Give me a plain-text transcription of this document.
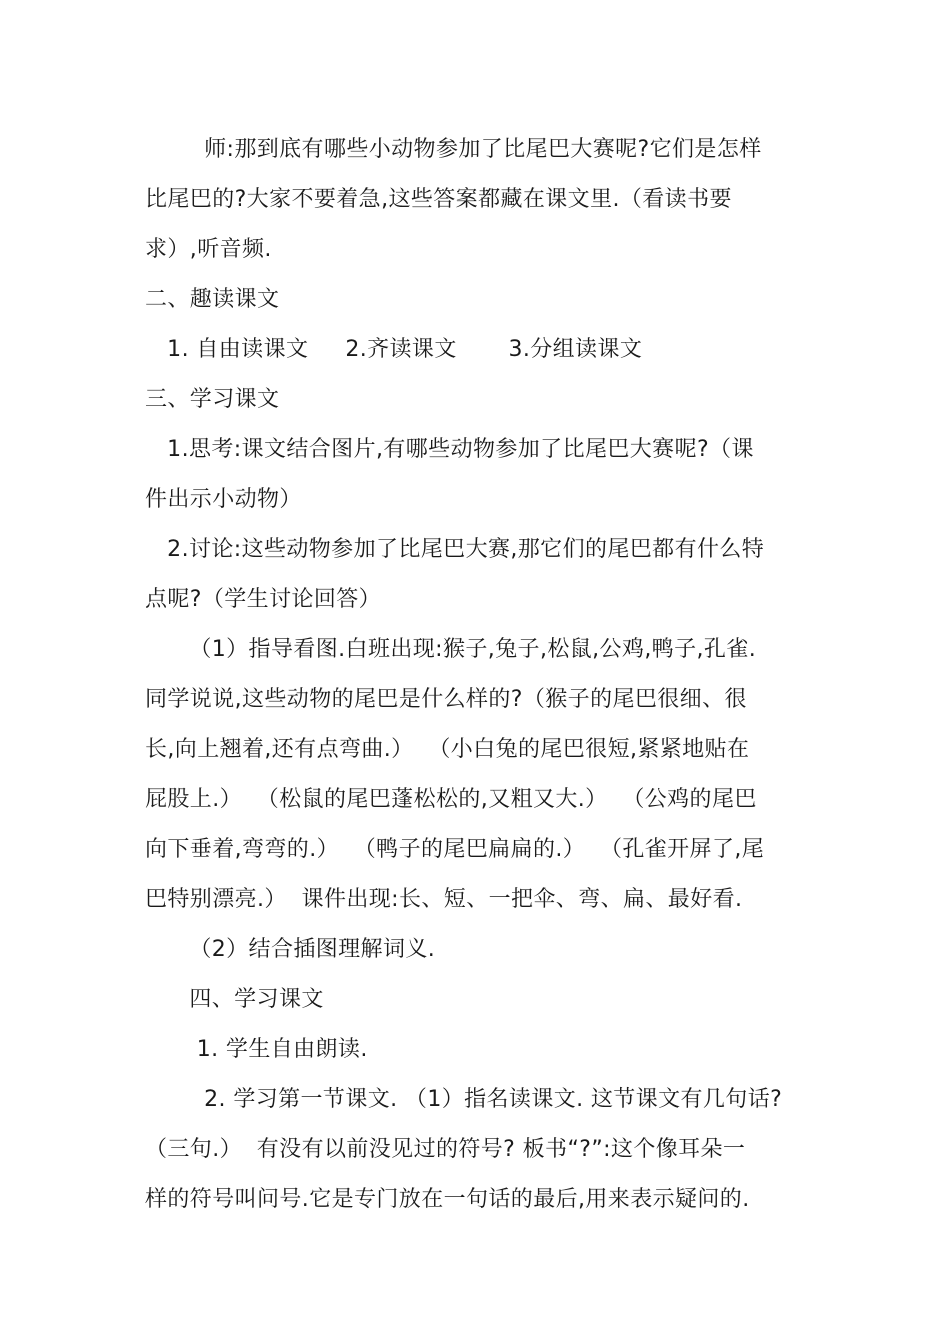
师:那到底有哪些小动物参加了比尾巴大赛呢?它们是怎样
比尾巴的?大家不要着急,这些答案都藏在课文里.（看读书要
求）,听音频.
二、趣读课文
1. 自由读课文     2.齐读课文       3.分组读课文
三、学习课文
1.思考:课文结合图片,有哪些动物参加了比尾巴大赛呢?（课
件出示小动物）
2.讨论:这些动物参加了比尾巴大赛,那它们的尾巴都有什么特
点呢?（学生讨论回答）
（1）指导看图.白班出现:猴子,兔子,松鼠,公鸡,鸭子,孔雀.
同学说说,这些动物的尾巴是什么样的?（猴子的尾巴很细、很
长,向上翘着,还有点弯曲.）  （小白兔的尾巴很短,紧紧地贴在
屁股上.）  （松鼠的尾巴蓬松松的,又粗又大.）  （公鸡的尾巴
向下垂着,弯弯的.）  （鸭子的尾巴扁扁的.）  （孔雀开屏了,尾
巴特别漂亮.）  课件出现:长、短、一把伞、弯、扁、最好看.
（2）结合插图理解词义.
四、学习课文
1. 学生自由朗读.
2. 学习第一节课文. （1）指名读课文. 这节课文有几句话?
（三句.）  有没有以前没见过的符号? 板书“?”:这个像耳朵一
样的符号叫问号.它是专门放在一句话的最后,用来表示疑问的.
